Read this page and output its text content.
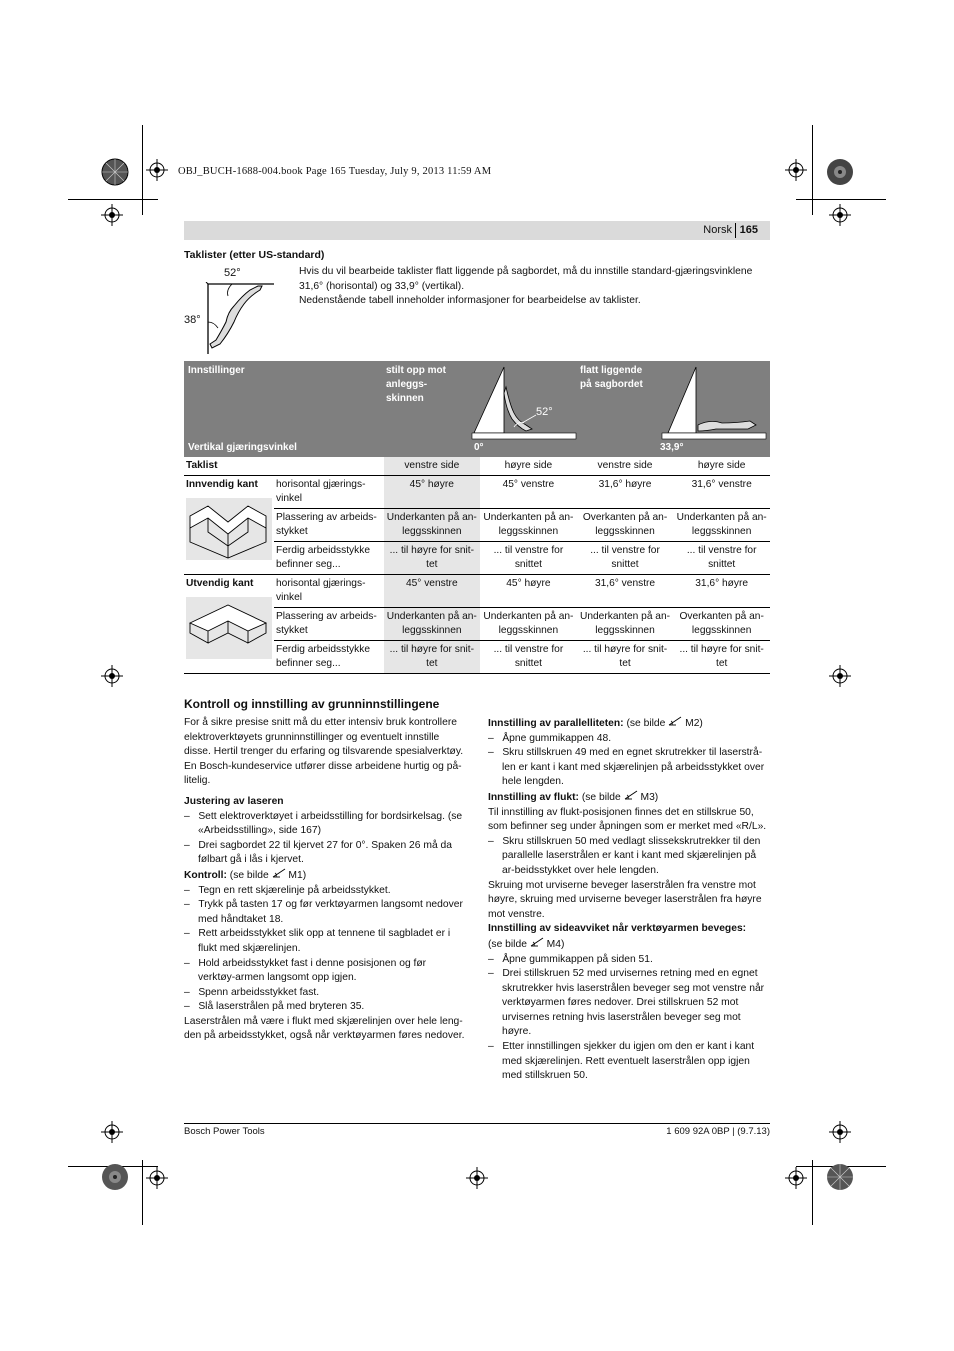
OBJ_BUCH-1688-004.book Page 165 Tuesday, July 9, 2013 11:59 AM
Norsk 165
Taklister (etter US-standard)
52°
38°

Hvis du vil bearbeide taklister flatt liggende på sagbordet, må du innstille standard-gjæringsvinklene 31,6° (horisontal) og 33,9° (vertikal).

Nedenstående tabell inneholder informasjoner for bearbeidelse av taklister.

Innstillinger	stilt opp mot
anleggs-
skinnen
flatt liggende
på sagbordet
52°
Vertikal gjæringsvinkel	0°	33,9°
Taklist		venstre side	høyre side	venstre side	høyre side

Innvendig kant	horisontal gjærings-vinkel	45° høyre	45° venstre	31,6° høyre	31,6° venstre
	Plassering av arbeids-stykket	Underkanten på an-leggsskinnen	Underkanten på an-leggsskinnen	Overkanten på an-leggsskinnen	Underkanten på an-leggsskinnen
	Ferdig arbeidsstykke befinner seg...	... til høyre for snit-tet	... til venstre for snittet	... til venstre for snittet	... til venstre for snittet

Utvendig kant	horisontal gjærings-vinkel	45° venstre	45° høyre	31,6° venstre	31,6° høyre
	Plassering av arbeids-stykket	Underkanten på an-leggsskinnen	Underkanten på an-leggsskinnen	Underkanten på an-leggsskinnen	Overkanten på an-leggsskinnen
	Ferdig arbeidsstykke befinner seg...	... til høyre for snit-tet	... til venstre for snittet	... til høyre for snit-tet	... til høyre for snit-tet
Kontroll og innstilling av grunninnstillingene

For å sikre presise snitt må du etter intensiv bruk kontrollere elektroverktøyets grunninnstillinger og eventuelt innstille disse. Hertil trenger du erfaring og tilsvarende spesialverktøy.

En Bosch-kundeservice utfører disse arbeidene hurtig og på-litelig.

Justering av laseren

–   Sett elektroverktøyet i arbeidsstilling for bordsirkelsag. (se «Arbeidsstilling», side 167)
–   Drei sagbordet 22 til kjervet 27 for 0°. Spaken 26 må da følbart gå i lås i kjervet.

Kontroll: (se bilde  M1)

–   Tegn en rett skjærelinje på arbeidsstykket.
–   Trykk på tasten 17 og før verktøyarmen langsomt nedover med håndtaket 18.
–   Rett arbeidsstykket slik opp at tennene til sagbladet er i flukt med skjærelinjen.
–   Hold arbeidsstykket fast i denne posisjonen og før verktøy-armen langsomt opp igjen.
–   Spenn arbeidsstykket fast.
–   Slå laserstrålen på med bryteren 35.

Laserstrålen må være i flukt med skjærelinjen over hele leng-den på arbeidsstykket, også når verktøyarmen føres nedover.

Innstilling av parallelliteten: (se bilde  M2)

–   Åpne gummikappen 48.
–   Skru stillskruen 49 med en egnet skrutrekker til laserstrå-len er kant i kant med skjærelinjen på arbeidsstykket over hele lengden.

Innstilling av flukt: (se bilde  M3)

Til innstilling av flukt-posisjonen finnes det en stillskrue 50, som befinner seg under åpningen som er merket med «R/L».

–   Skru stillskruen 50 med vedlagt slissekskrutrekker til den parallelle laserstrålen er kant i kant med skjærelinjen på ar-beidsstykket over hele lengden.

Skruing mot urviserne beveger laserstrålen fra venstre mot høyre, skruing med urviserne beveger laserstrålen fra høyre mot venstre.

Innstilling av sideavviket når verktøyarmen beveges:

(se bilde  M4)

–   Åpne gummikappen på siden 51.
–   Drei stillskruen 52 med urvisernes retning med en egnet skrutrekker hvis laserstrålen beveger seg mot venstre når verktøyarmen føres nedover. Drei stillskruen 52 mot urvisernes retning hvis laserstrålen beveger seg mot høyre.
–   Etter innstillingen sjekker du igjen om den er kant i kant med skjærelinjen. Rett eventuelt laserstrålen opp igjen med stillskruen 50.
Bosch Power Tools	1 609 92A 0BP | (9.7.13)
